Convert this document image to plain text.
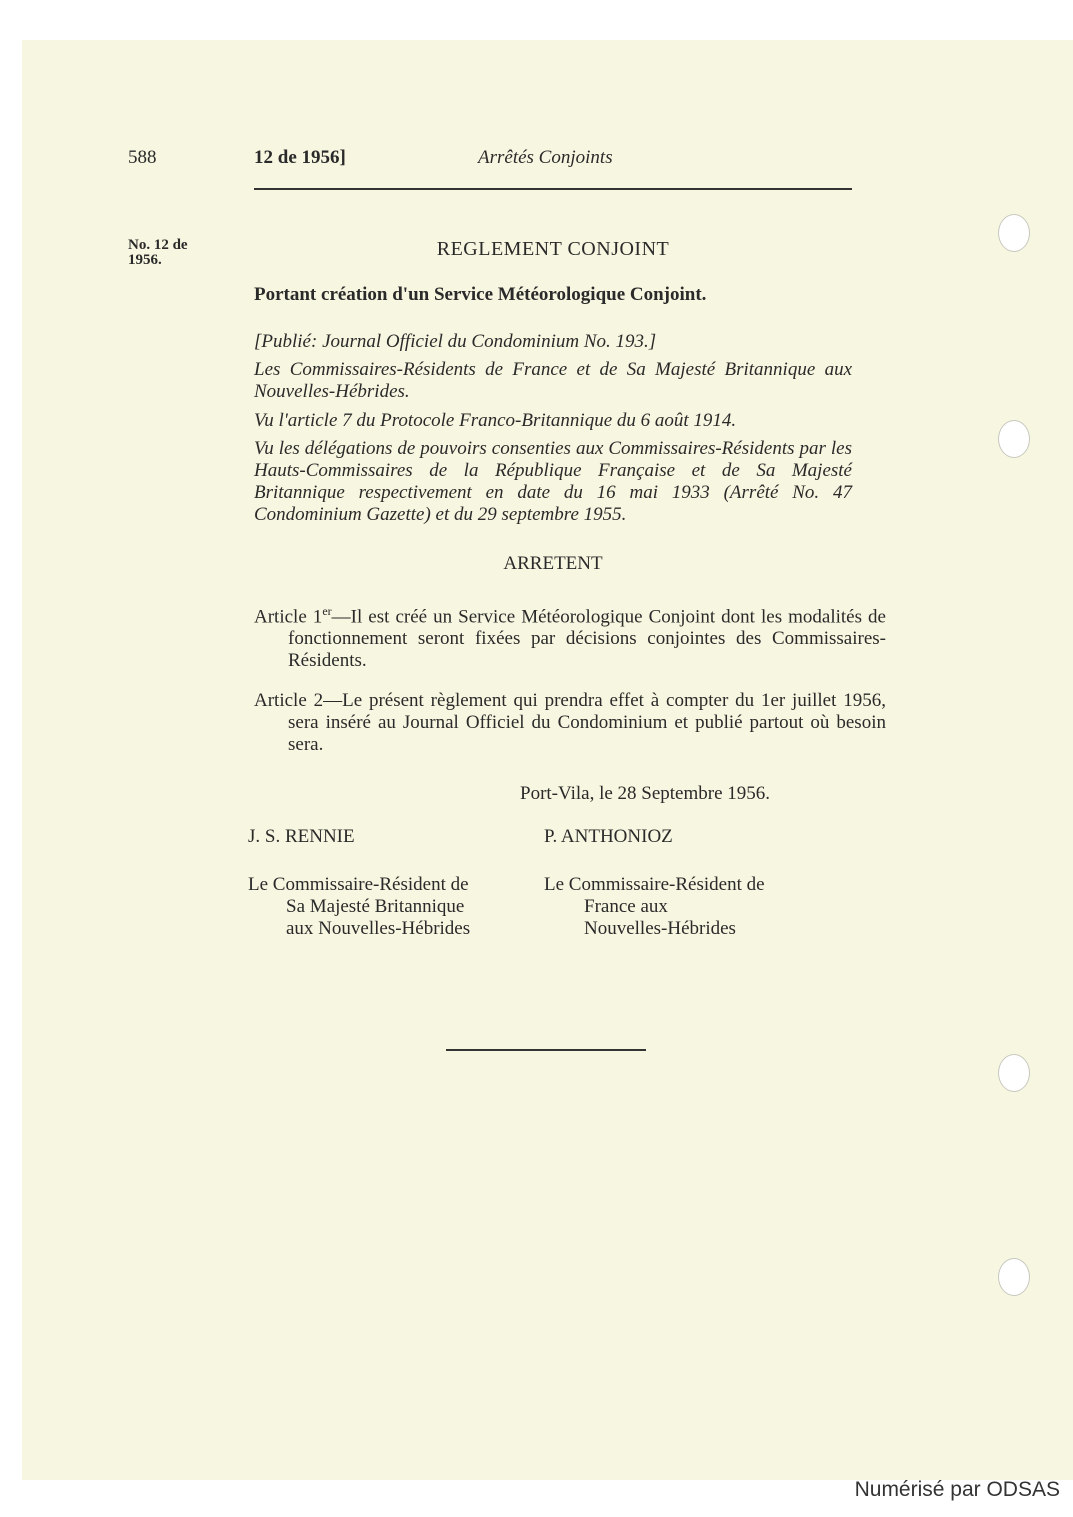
588	12 de 1956]	Arrêtés Conjoints
No. 12 de
1956.	REGLEMENT CONJOINT
Portant création d'un Service Météorologique Conjoint.
[Publié: Journal Officiel du Condominium No. 193.]
Les Commissaires-Résidents de France et de Sa Majesté Britannique aux Nouvelles-Hébrides.
Vu l'article 7 du Protocole Franco-Britannique du 6 août 1914.
Vu les délégations de pouvoirs consenties aux Commissaires-Résidents par les Hauts-Commissaires de la République Française et de Sa Majesté Britannique respectivement en date du 16 mai 1933 (Arrêté No. 47 Condominium Gazette) et du 29 septembre 1955.
ARRETENT
Article 1er—Il est créé un Service Météorologique Conjoint dont les modalités de fonctionnement seront fixées par décisions conjointes des Commissaires-Résidents.
Article 2—Le présent règlement qui prendra effet à compter du 1er juillet 1956, sera inséré au Journal Officiel du Condominium et publié partout où besoin sera.
Port-Vila, le 28 Septembre 1956.
J. S. RENNIE
Le Commissaire-Résident de
Sa Majesté Britannique
aux Nouvelles-Hébrides
P. ANTHONIOZ
Le Commissaire-Résident de
France aux
Nouvelles-Hébrides
Numérisé par ODSAS
